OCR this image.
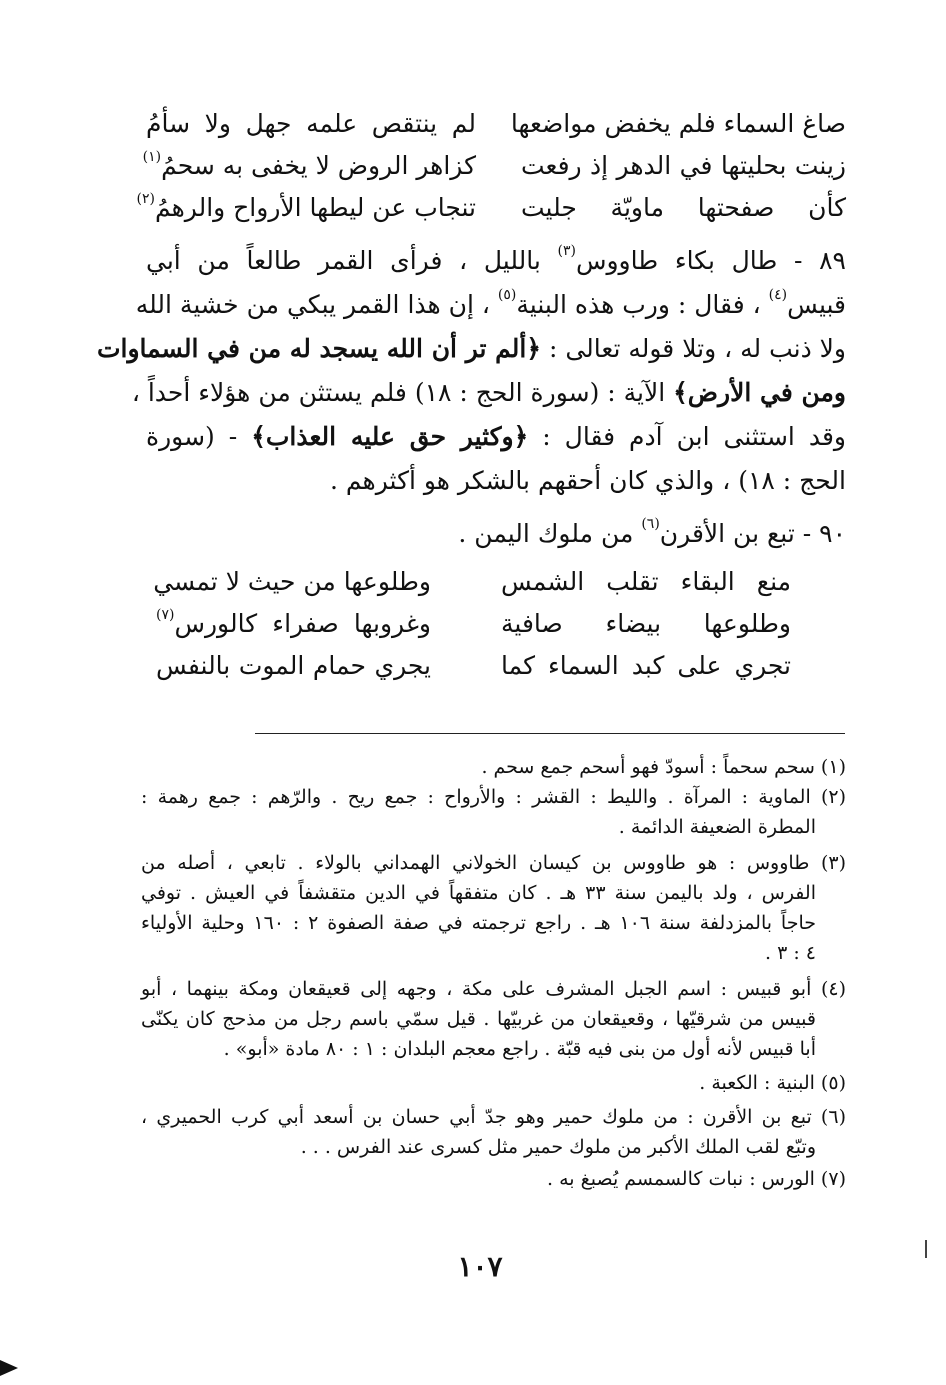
صاغ السماء فلم يخفض مواضعها
لم ينتقص علمه جهل ولا سأمُ
زينت بحليتها في الدهر إذ رفعت
كزاهر الروض لا يخفى به سحمُ$^{(١)}$
كأن صفحتها ماويّة جليت
تنجاب عن ليطها الأرواح والرهمُ$^{(٢)}$
٨٩ - طال بكاء طاووس$^{(٣)}$ بالليل ، فرأى القمر طالعاً من أبي
قبيس$^{(٤)}$ ، فقال : ورب هذه البنية$^{(٥)}$ ، إن هذا القمر يبكي من خشية الله
ولا ذنب له ، وتلا قوله تعالى : ﴿ألم تر أن الله يسجد له من في السماوات
ومن في الأرض﴾ الآية : (سورة الحج : ١٨) فلم يستثن من هؤلاء أحداً ،
وقد استثنى ابن آدم فقال : ﴿وكثير حق عليه العذاب﴾ - (سورة
الحج : ١٨) ، والذي كان أحقهم بالشكر هو أكثرهم .
٩٠ - تبع بن الأقرن$^{(٦)}$ من ملوك اليمن .
منع البقاء تقلب الشمس
وطلوعها من حيث لا تمسي
وطلوعها بيضاء صافية
وغروبها صفراء كالورس$^{(٧)}$
تجري على كبد السماء كما
يجري حمام الموت بالنفس
(١) سحم سحماً : أسودّ فهو أسحم جمع سحم .
(٢) الماوية : المرآة . والليط : القشر : والأرواح : جمع ريح . والرّهم : جمع رهمة :
المطرة الضعيفة الدائمة .
(٣) طاووس : هو طاووس بن كيسان الخولاني الهمداني بالولاء . تابعي ، أصله من
الفرس ، ولد باليمن سنة ٣٣ هـ . كان متفقهاً في الدين متقشفاً في العيش . توفي
حاجاً بالمزدلفة سنة ١٠٦ هـ . راجع ترجمته في صفة الصفوة ٢ : ١٦٠ وحلية الأولياء
٤ : ٣ .
(٤) أبو قبيس : اسم الجبل المشرف على مكة ، وجهه إلى قعيقعان ومكة بينهما ، أبو
قبيس من شرقيّها ، وقعيقعان من غربيّها . قيل سمّي باسم رجل من مذحج كان يكنّى
أبا قبيس لأنه أول من بنى فيه قبّة . راجع معجم البلدان : ١ : ٨٠ مادة «أبو» .
(٥) البنية : الكعبة .
(٦) تبع بن الأقرن : من ملوك حمير وهو جدّ أبي حسان بن أسعد أبي كرب الحميري ،
وتبّع لقب الملك الأكبر من ملوك حمير مثل كسرى عند الفرس . . .
(٧) الورس : نبات كالسمسم يُصبغ به .
١٠٧
